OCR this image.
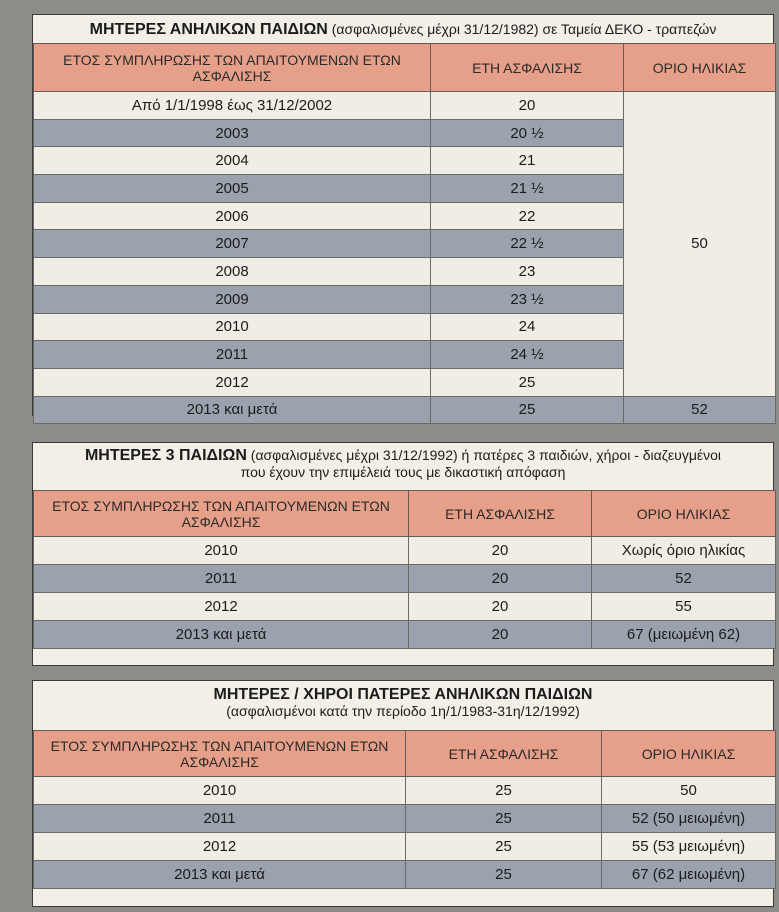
ΜΗΤΕΡΕΣ ΑΝΗΛΙΚΩΝ ΠΑΙΔΙΩΝ (ασφαλισμένες μέχρι 31/12/1982) σε Ταμεία ΔΕΚΟ - τραπεζών
ΕΤΟΣ ΣΥΜΠΛΗΡΩΣΗΣ ΤΩΝ ΑΠΑΙΤΟΥΜΕΝΩΝ ΕΤΩΝ ΑΣΦΑΛΙΣΗΣ	ΕΤΗ ΑΣΦΑΛΙΣΗΣ	ΟΡΙΟ ΗΛΙΚΙΑΣ
Από 1/1/1998 έως 31/12/2002	20	50
2003	20 ½	
2004	21	
2005	21 ½	
2006	22	
2007	22 ½	
2008	23	
2009	23 ½	
2010	24	
2011	24 ½	
2012	25	
2013 και μετά	25	52
ΜΗΤΕΡΕΣ 3 ΠΑΙΔΙΩΝ (ασφαλισμένες μέχρι 31/12/1992) ή πατέρες 3 παιδιών, χήροι - διαζευγμένοι
που έχουν την επιμέλειά τους με δικαστική απόφαση
ΕΤΟΣ ΣΥΜΠΛΗΡΩΣΗΣ ΤΩΝ ΑΠΑΙΤΟΥΜΕΝΩΝ ΕΤΩΝ ΑΣΦΑΛΙΣΗΣ	ΕΤΗ ΑΣΦΑΛΙΣΗΣ	ΟΡΙΟ ΗΛΙΚΙΑΣ
2010	20	Χωρίς όριο ηλικίας
2011	20	52
2012	20	55
2013 και μετά	20	67 (μειωμένη 62)
ΜΗΤΕΡΕΣ / ΧΗΡΟΙ ΠΑΤΕΡΕΣ ΑΝΗΛΙΚΩΝ ΠΑΙΔΙΩΝ
(ασφαλισμένοι κατά την περίοδο 1η/1/1983-31η/12/1992)
ΕΤΟΣ ΣΥΜΠΛΗΡΩΣΗΣ ΤΩΝ ΑΠΑΙΤΟΥΜΕΝΩΝ ΕΤΩΝ ΑΣΦΑΛΙΣΗΣ	ΕΤΗ ΑΣΦΑΛΙΣΗΣ	ΟΡΙΟ ΗΛΙΚΙΑΣ
2010	25	50
2011	25	52 (50 μειωμένη)
2012	25	55 (53 μειωμένη)
2013 και μετά	25	67 (62 μειωμένη)
